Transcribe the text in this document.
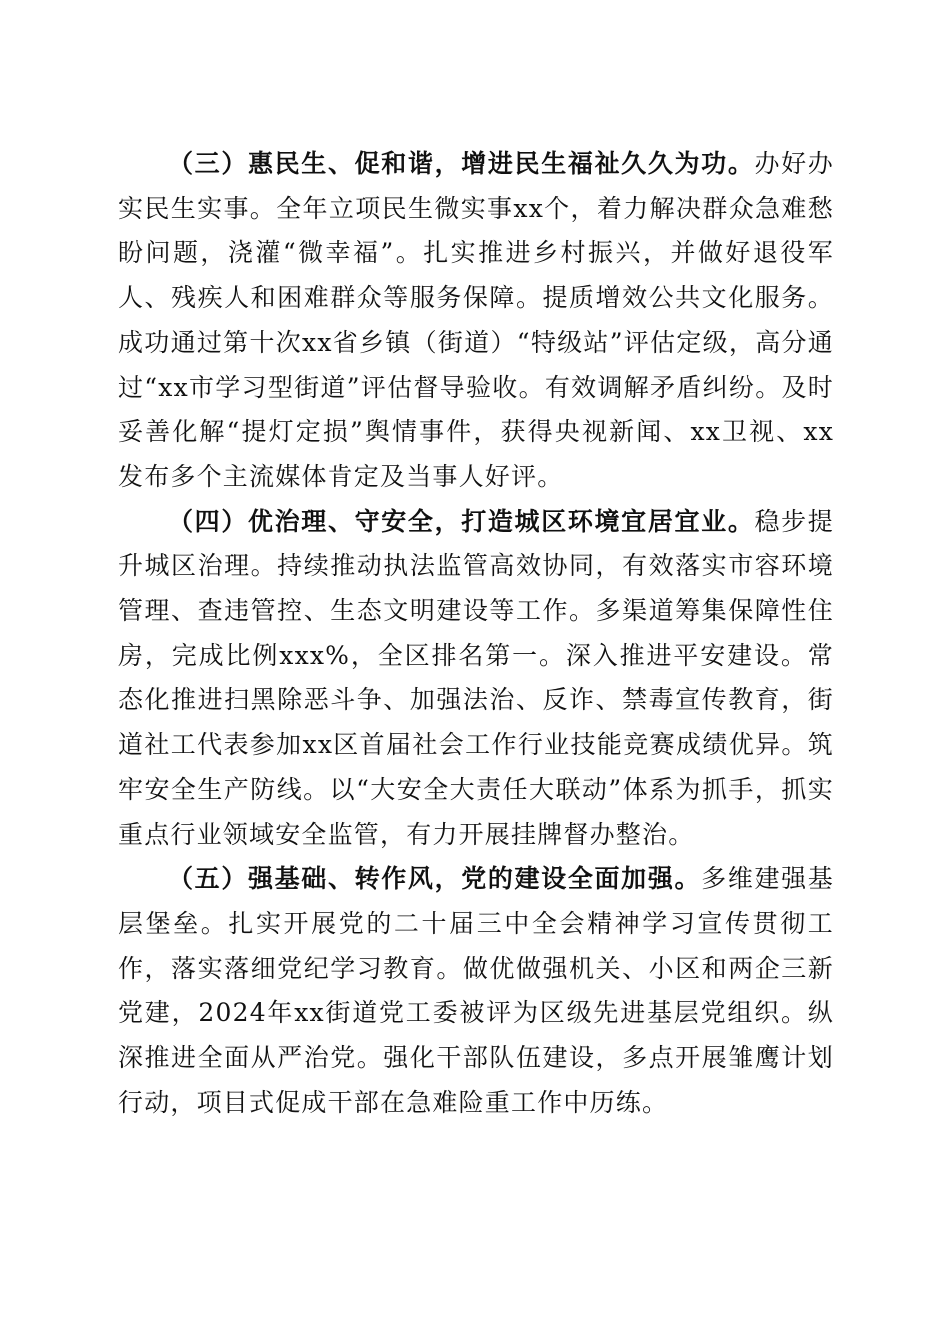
（三）惠民生、促和谐，增进民生福祉久久为功。办好办实民生实事。全年立项民生微实事xx个，着力解决群众急难愁盼问题，浇灌“微幸福”。扎实推进乡村振兴，并做好退役军人、残疾人和困难群众等服务保障。提质增效公共文化服务。成功通过第十次xx省乡镇（街道）“特级站”评估定级，高分通过“xx市学习型街道”评估督导验收。有效调解矛盾纠纷。及时妥善化解“提灯定损”舆情事件，获得央视新闻、xx卫视、xx发布多个主流媒体肯定及当事人好评。

（四）优治理、守安全，打造城区环境宜居宜业。稳步提升城区治理。持续推动执法监管高效协同，有效落实市容环境管理、查违管控、生态文明建设等工作。多渠道筹集保障性住房，完成比例xxx%，全区排名第一。深入推进平安建设。常态化推进扫黑除恶斗争、加强法治、反诈、禁毒宣传教育，街道社工代表参加xx区首届社会工作行业技能竞赛成绩优异。筑牢安全生产防线。以“大安全大责任大联动”体系为抓手，抓实重点行业领域安全监管，有力开展挂牌督办整治。

（五）强基础、转作风，党的建设全面加强。多维建强基层堡垒。扎实开展党的二十届三中全会精神学习宣传贯彻工作，落实落细党纪学习教育。做优做强机关、小区和两企三新党建，2024年xx街道党工委被评为区级先进基层党组织。纵深推进全面从严治党。强化干部队伍建设，多点开展雏鹰计划行动，项目式促成干部在急难险重工作中历练。
